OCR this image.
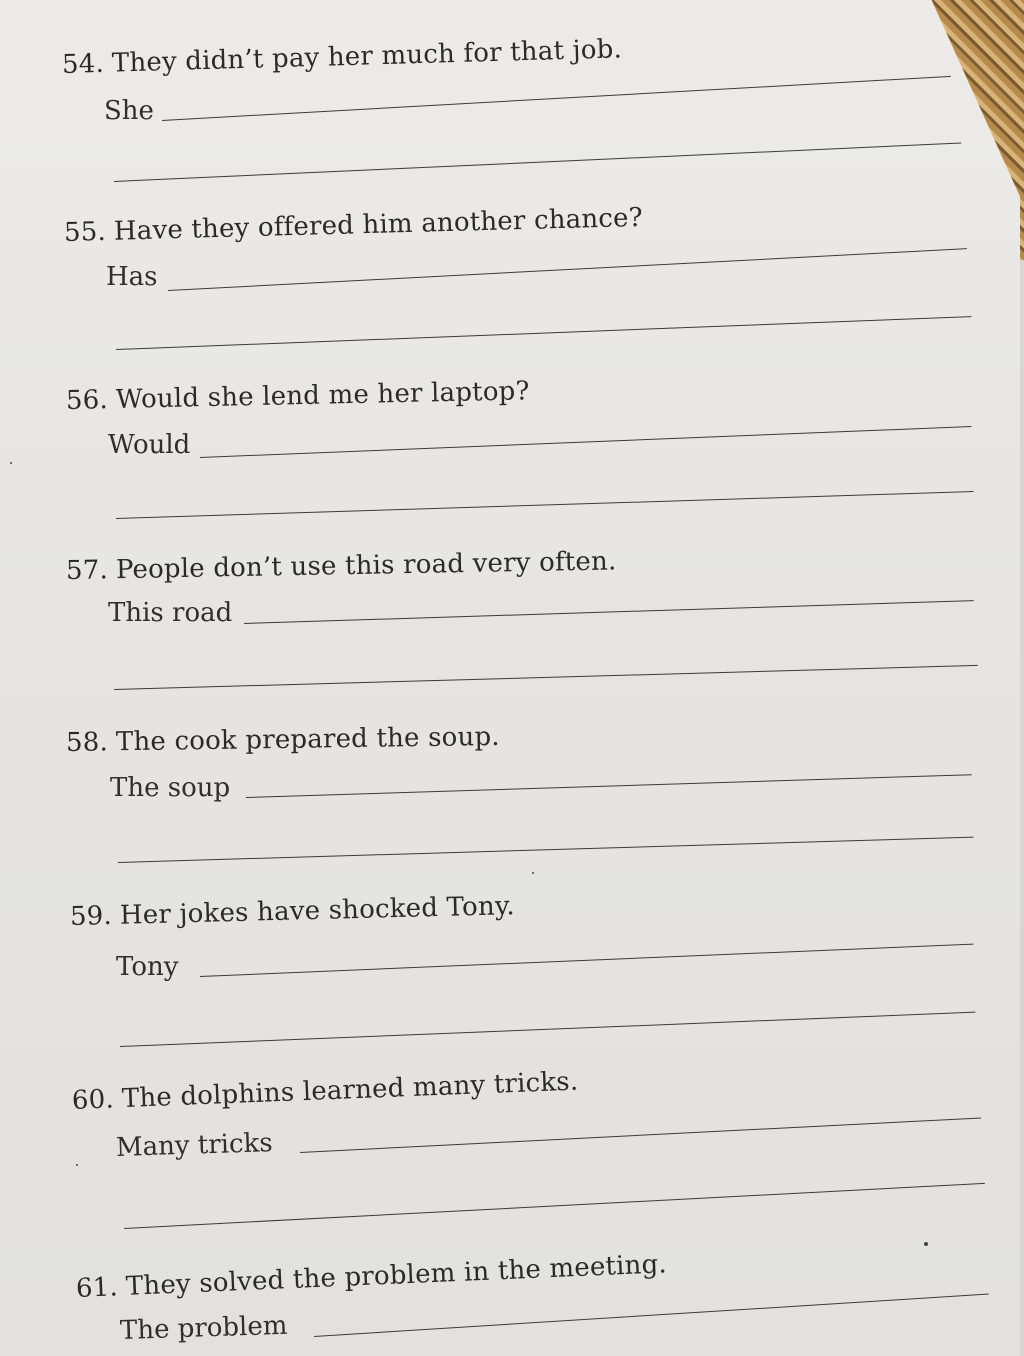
54. They didn’t pay her much for that job.
She
55. Have they offered him another chance?
Has
56. Would she lend me her laptop?
Would
57. People don’t use this road very often.
This road
58. The cook prepared the soup.
The soup
59. Her jokes have shocked Tony.
Tony
60. The dolphins learned many tricks.
Many tricks
61. They solved the problem in the meeting.
The problem
